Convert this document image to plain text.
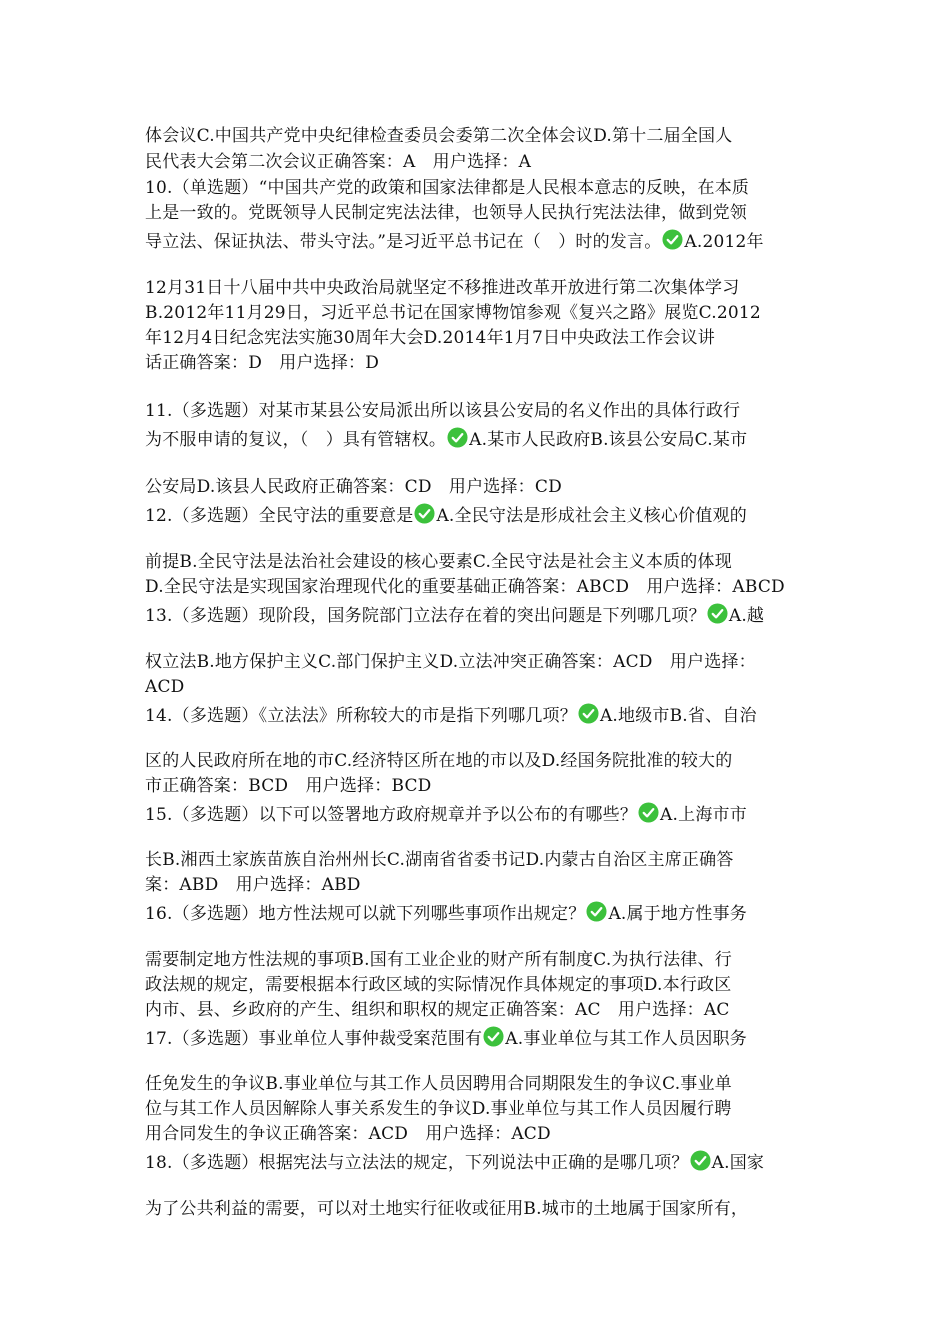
体会议C.中国共产党中央纪律检查委员会委第二次全体会议D.第十二届全国人
民代表大会第二次会议正确答案：A　用户选择：A
10.（单选题）“中国共产党的政策和国家法律都是人民根本意志的反映，在本质
上是一致的。党既领导人民制定宪法法律，也领导人民执行宪法法律，做到党领
导立法、保证执法、带头守法。”是习近平总书记在（　）时的发言。 A.2012年
12月31日十八届中共中央政治局就坚定不移推进改革开放进行第二次集体学习
B.2012年11月29日，习近平总书记在国家博物馆参观《复兴之路》展览C.2012
年12月4日纪念宪法实施30周年大会D.2014年1月7日中央政法工作会议讲
话正确答案：D　用户选择：D
11.（多选题）对某市某县公安局派出所以该县公安局的名义作出的具体行政行
为不服申请的复议，（　）具有管辖权。 A.某市人民政府B.该县公安局C.某市
公安局D.该县人民政府正确答案：CD　用户选择：CD
12.（多选题）全民守法的重要意是 A.全民守法是形成社会主义核心价值观的
前提B.全民守法是法治社会建设的核心要素C.全民守法是社会主义本质的体现
D.全民守法是实现国家治理现代化的重要基础正确答案：ABCD　用户选择：ABCD
13.（多选题）现阶段，国务院部门立法存在着的突出问题是下列哪几项？ A.越
权立法B.地方保护主义C.部门保护主义D.立法冲突正确答案：ACD　用户选择：
ACD
14.（多选题）《立法法》所称较大的市是指下列哪几项？ A.地级市B.省、自治
区的人民政府所在地的市C.经济特区所在地的市以及D.经国务院批准的较大的
市正确答案：BCD　用户选择：BCD
15.（多选题）以下可以签署地方政府规章并予以公布的有哪些？ A.上海市市
长B.湘西土家族苗族自治州州长C.湖南省省委书记D.内蒙古自治区主席正确答
案：ABD　用户选择：ABD
16.（多选题）地方性法规可以就下列哪些事项作出规定？ A.属于地方性事务
需要制定地方性法规的事项B.国有工业企业的财产所有制度C.为执行法律、行
政法规的规定，需要根据本行政区域的实际情况作具体规定的事项D.本行政区
内市、县、乡政府的产生、组织和职权的规定正确答案：AC　用户选择：AC
17.（多选题）事业单位人事仲裁受案范围有 A.事业单位与其工作人员因职务
任免发生的争议B.事业单位与其工作人员因聘用合同期限发生的争议C.事业单
位与其工作人员因解除人事关系发生的争议D.事业单位与其工作人员因履行聘
用合同发生的争议正确答案：ACD　用户选择：ACD
18.（多选题）根据宪法与立法法的规定，下列说法中正确的是哪几项？ A.国家
为了公共利益的需要，可以对土地实行征收或征用B.城市的土地属于国家所有，
